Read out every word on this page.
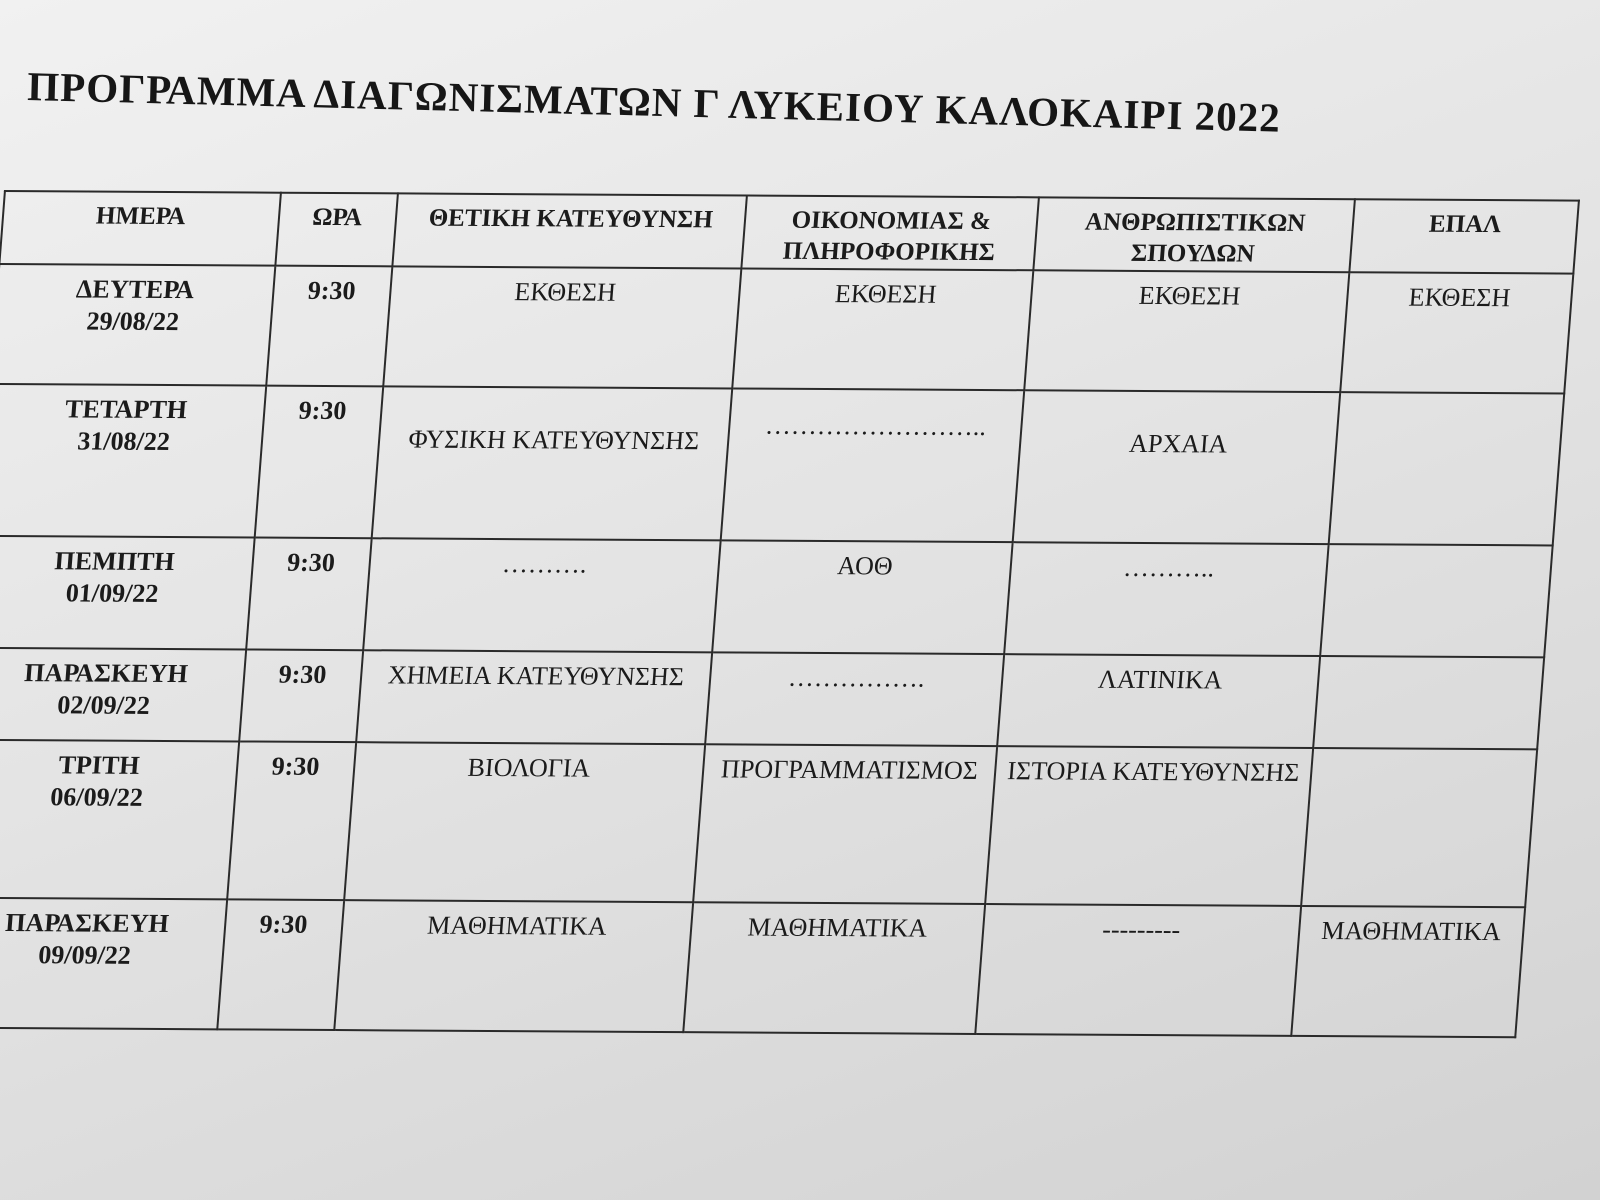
ΠΡΟΓΡΑΜΜΑ ΔΙΑΓΩΝΙΣΜΑΤΩΝ Γ ΛΥΚΕΙΟΥ ΚΑΛΟΚΑΙΡΙ 2022
ΗΜΕΡΑ	ΩΡΑ	ΘΕΤΙΚΗ ΚΑΤΕΥΘΥΝΣΗ	ΟΙΚΟΝΟΜΙΑΣ & ΠΛΗΡΟΦΟΡΙΚΗΣ	ΑΝΘΡΩΠΙΣΤΙΚΩΝ ΣΠΟΥΔΩΝ	ΕΠΑΛ
ΔΕΥΤΕΡΑ
29/08/22	9:30	ΕΚΘΕΣΗ	ΕΚΘΕΣΗ	ΕΚΘΕΣΗ	ΕΚΘΕΣΗ
ΤΕΤΑΡΤΗ
31/08/22	9:30	ΦΥΣΙΚΗ ΚΑΤΕΥΘΥΝΣΗΣ	……………………..	ΑΡΧΑΙΑ	
ΠΕΜΠΤΗ
01/09/22	9:30	……….	ΑΟΘ	………..	
ΠΑΡΑΣΚΕΥΗ
02/09/22	9:30	ΧΗΜΕΙΑ ΚΑΤΕΥΘΥΝΣΗΣ	…………….	ΛΑΤΙΝΙΚΑ	
ΤΡΙΤΗ
06/09/22	9:30	ΒΙΟΛΟΓΙΑ	ΠΡΟΓΡΑΜΜΑΤΙΣΜΟΣ	ΙΣΤΟΡΙΑ ΚΑΤΕΥΘΥΝΣΗΣ	
ΠΑΡΑΣΚΕΥΗ
09/09/22	9:30	ΜΑΘΗΜΑΤΙΚΑ	ΜΑΘΗΜΑΤΙΚΑ	---------	ΜΑΘΗΜΑΤΙΚΑ
